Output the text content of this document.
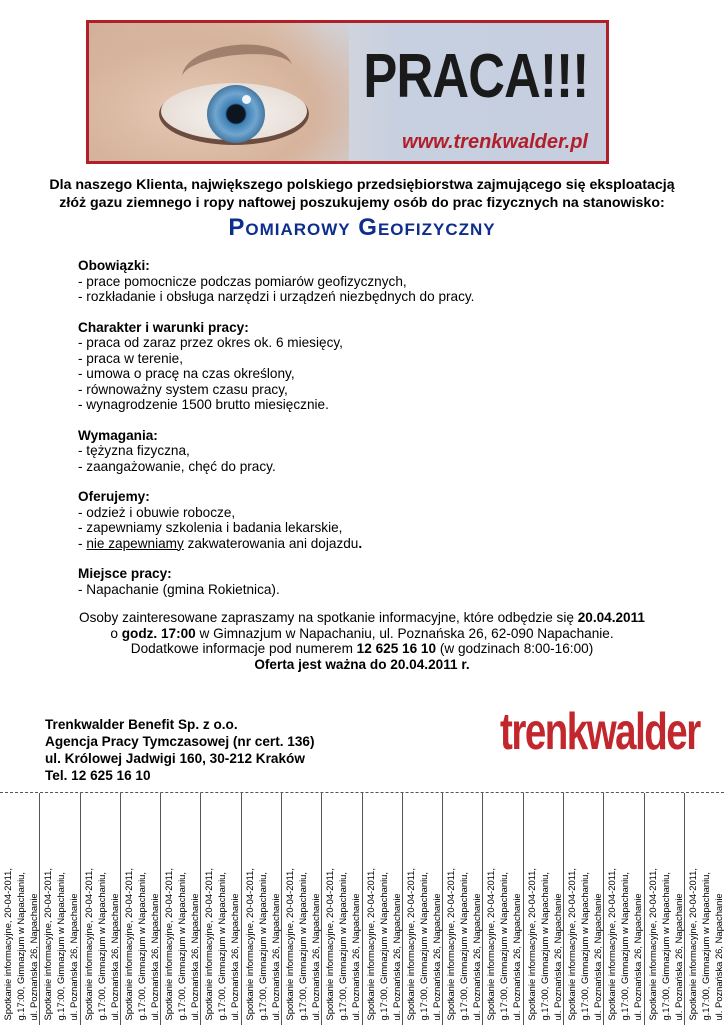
PRACA!!!
www.trenkwalder.pl
Dla naszego Klienta, największego polskiego przedsiębiorstwa zajmującego się eksploatacją
złóż gazu ziemnego i ropy naftowej poszukujemy osób do prac fizycznych na stanowisko:
Pomiarowy Geofizyczny
Obowiązki:
- prace pomocnicze podczas pomiarów geofizycznych,
- rozkładanie i obsługa narzędzi i urządzeń niezbędnych do pracy.
Charakter i warunki pracy:
- praca od zaraz przez okres ok. 6 miesięcy,
- praca w terenie,
- umowa o pracę na czas określony,
- równoważny system czasu pracy,
- wynagrodzenie 1500 brutto miesięcznie.
Wymagania:
- tężyzna fizyczna,
- zaangażowanie, chęć do pracy.
Oferujemy:
- odzież i obuwie robocze,
- zapewniamy szkolenia i badania lekarskie,
- nie zapewniamy zakwaterowania ani dojazdu.
Miejsce pracy:
- Napachanie (gmina Rokietnica).
Osoby zainteresowane zapraszamy na spotkanie informacyjne, które odbędzie się 20.04.2011
o godz. 17:00 w Gimnazjum w Napachaniu, ul. Poznańska 26, 62-090 Napachanie.
Dodatkowe informacje pod numerem 12 625 16 10 (w godzinach 8:00-16:00)
Oferta jest ważna do 20.04.2011 r.
Trenkwalder Benefit Sp. z o.o.
Agencja Pracy Tymczasowej (nr cert. 136)
ul. Królowej Jadwigi 160, 30-212 Kraków
Tel. 12 625 16 10
trenkwalder
Spotkanie informacyjne, 20-04-2011, g.17:00, Gimnazjum w Napachaniu, ul. Poznańska 26, Napachanie Spotkanie informacyjne, 20-04-2011, g.17:00, Gimnazjum w Napachaniu, ul. Poznańska 26, Napachanie Spotkanie informacyjne, 20-04-2011, g.17:00, Gimnazjum w Napachaniu, ul. Poznańska 26, Napachanie Spotkanie informacyjne, 20-04-2011, g.17:00, Gimnazjum w Napachaniu, ul. Poznańska 26, Napachanie Spotkanie informacyjne, 20-04-2011, g.17:00, Gimnazjum w Napachaniu, ul. Poznańska 26, Napachanie Spotkanie informacyjne, 20-04-2011, g.17:00, Gimnazjum w Napachaniu, ul. Poznańska 26, Napachanie Spotkanie informacyjne, 20-04-2011, g.17:00, Gimnazjum w Napachaniu, ul. Poznańska 26, Napachanie Spotkanie informacyjne, 20-04-2011, g.17:00, Gimnazjum w Napachaniu, ul. Poznańska 26, Napachanie Spotkanie informacyjne, 20-04-2011, g.17:00, Gimnazjum w Napachaniu, ul. Poznańska 26, Napachanie Spotkanie informacyjne, 20-04-2011, g.17:00, Gimnazjum w Napachaniu, ul. Poznańska 26, Napachanie Spotkanie informacyjne, 20-04-2011, g.17:00, Gimnazjum w Napachaniu, ul. Poznańska 26, Napachanie Spotkanie informacyjne, 20-04-2011, g.17:00, Gimnazjum w Napachaniu, ul. Poznańska 26, Napachanie Spotkanie informacyjne, 20-04-2011, g.17:00, Gimnazjum w Napachaniu, ul. Poznańska 26, Napachanie Spotkanie informacyjne, 20-04-2011, g.17:00, Gimnazjum w Napachaniu, ul. Poznańska 26, Napachanie Spotkanie informacyjne, 20-04-2011, g.17:00, Gimnazjum w Napachaniu, ul. Poznańska 26, Napachanie Spotkanie informacyjne, 20-04-2011, g.17:00, Gimnazjum w Napachaniu, ul. Poznańska 26, Napachanie Spotkanie informacyjne, 20-04-2011, g.17:00, Gimnazjum w Napachaniu, ul. Poznańska 26, Napachanie Spotkanie informacyjne, 20-04-2011, g.17:00, Gimnazjum w Napachaniu, ul. Poznańska 26, Napachanie
